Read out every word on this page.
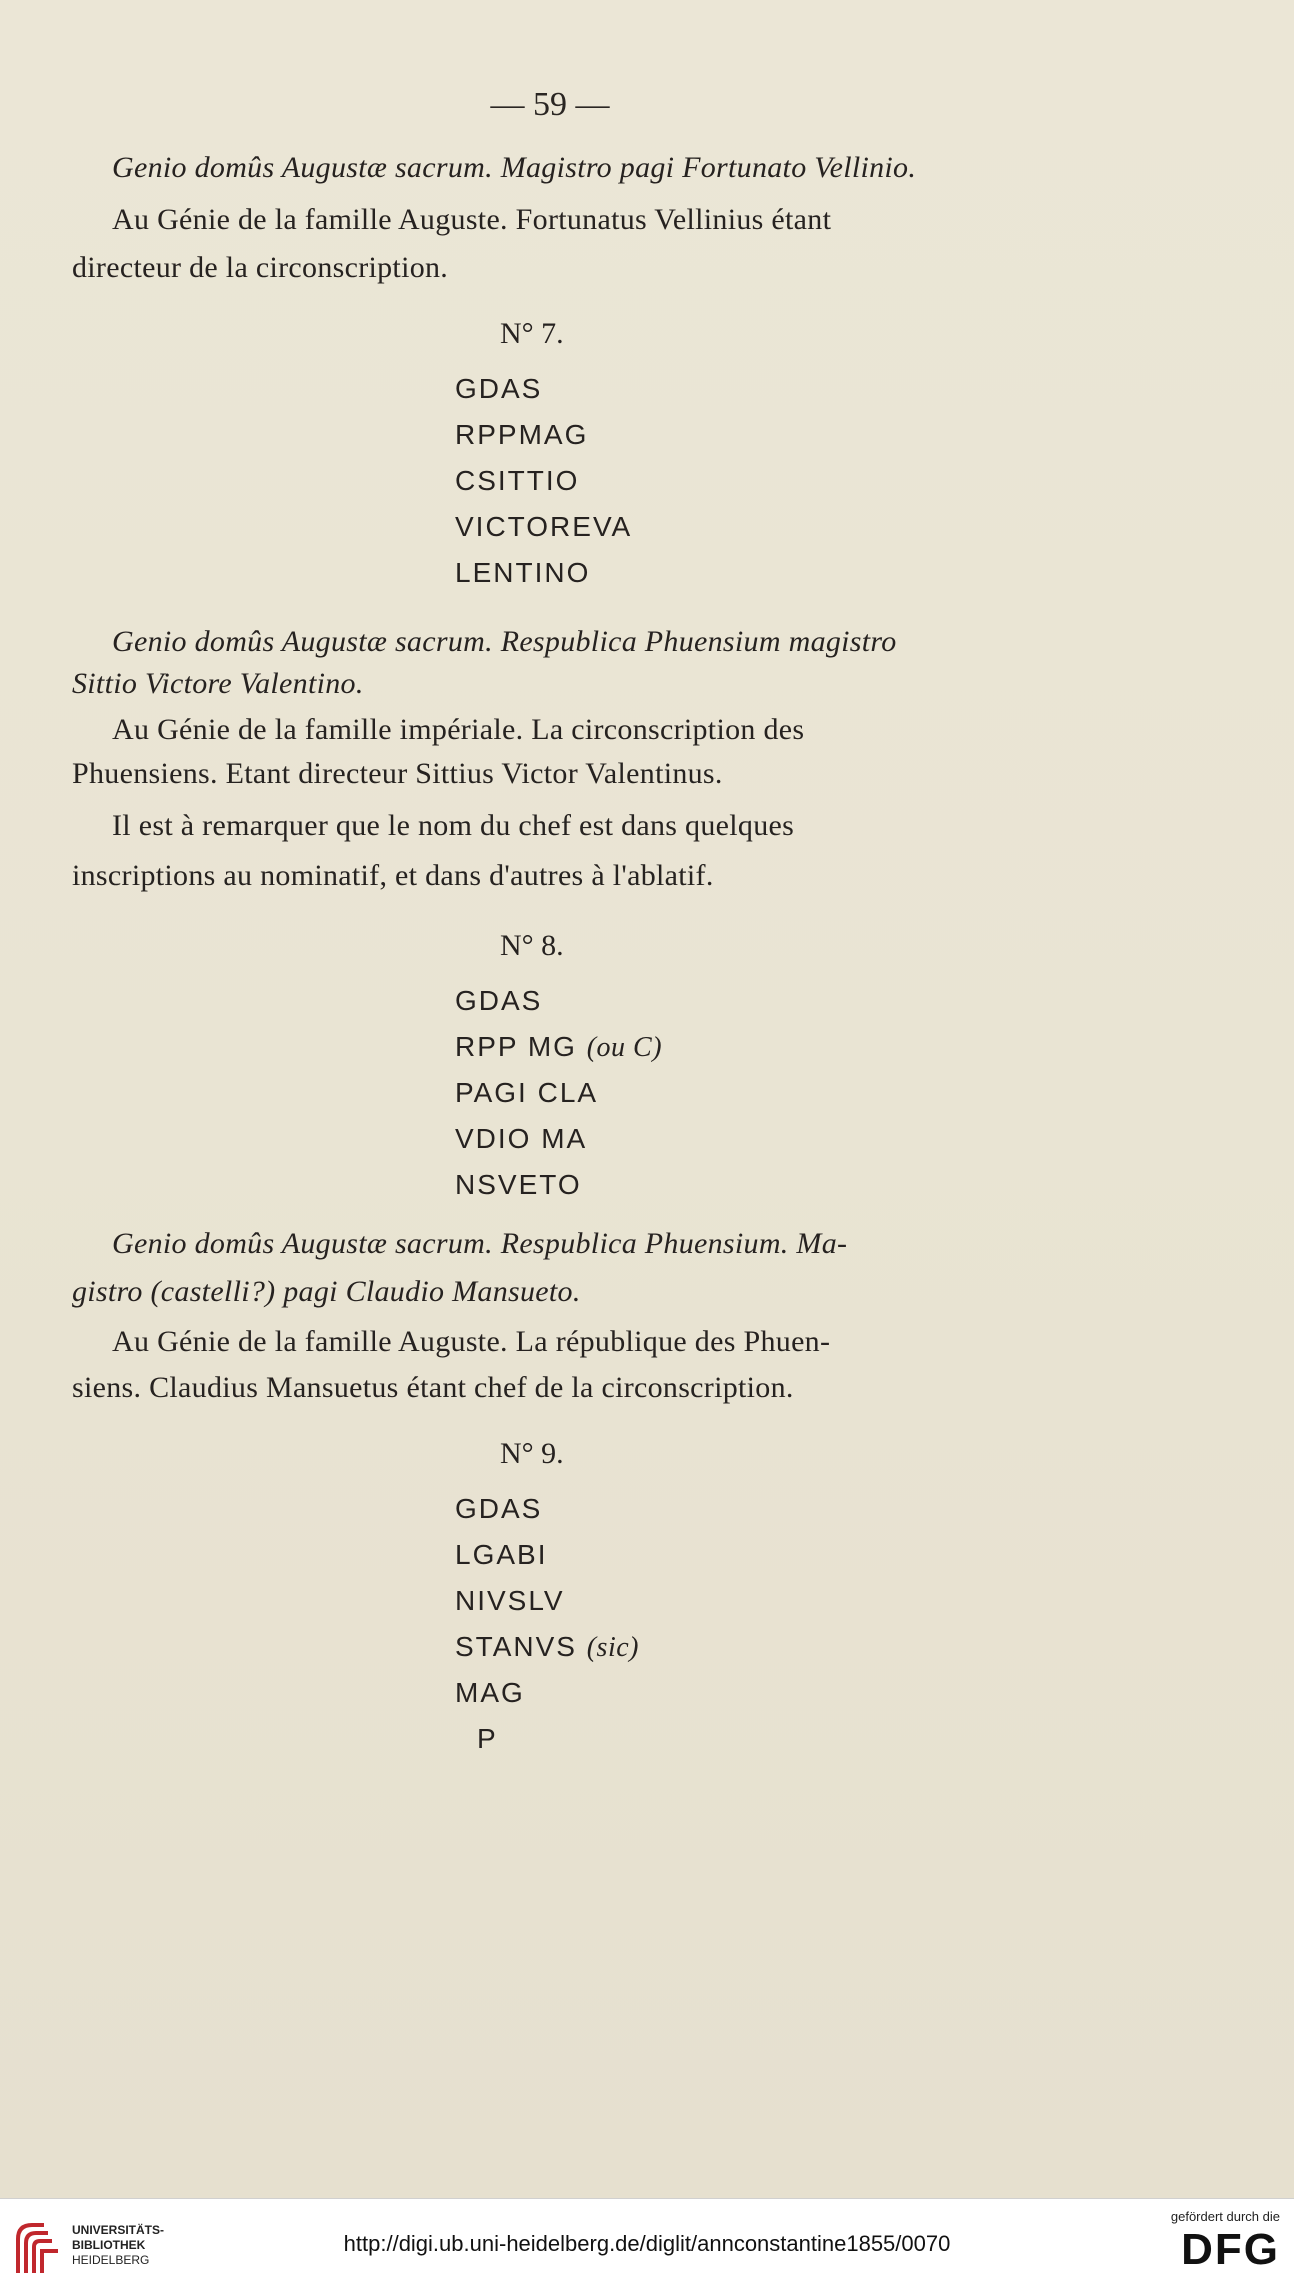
— 59 —
Genio domûs Augustæ sacrum. Magistro pagi Fortunato Vellinio.
Au Génie de la famille Auguste. Fortunatus Vellinius étant
directeur de la circonscription.
N° 7.
GDAS
RPPMAG
CSITTIO
VICTOREVA
LENTINO
Genio domûs Augustæ sacrum. Respublica Phuensium magistro
Sittio Victore Valentino.
Au Génie de la famille impériale. La circonscription des
Phuensiens. Etant directeur Sittius Victor Valentinus.
Il est à remarquer que le nom du chef est dans quelques
inscriptions au nominatif, et dans d'autres à l'ablatif.
N° 8.
GDAS
RPP MG (ou C)
PAGI CLA
VDIO MA
NSVETO
Genio domûs Augustæ sacrum. Respublica Phuensium. Ma-
gistro (castelli?) pagi Claudio Mansueto.
Au Génie de la famille Auguste. La république des Phuen-
siens. Claudius Mansuetus étant chef de la circonscription.
N° 9.
GDAS
LGABI
NIVSLV
STANVS (sic)
MAG
P
UNIVERSITÄTS-
BIBLIOTHEK
HEIDELBERG
http://digi.ub.uni-heidelberg.de/diglit/annconstantine1855/0070
gefördert durch die
DFG
